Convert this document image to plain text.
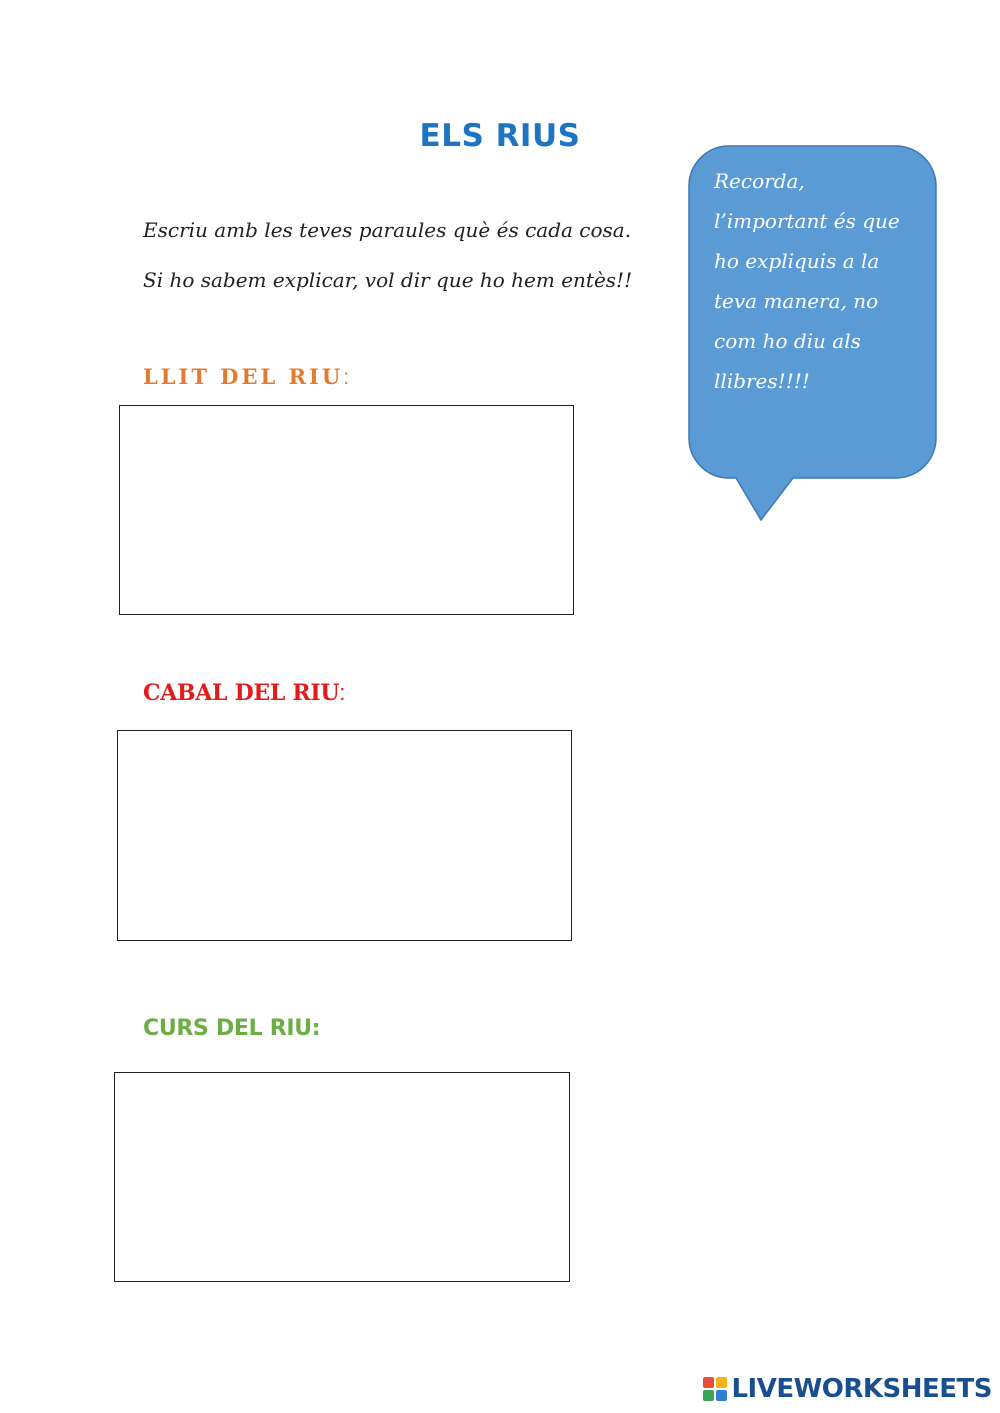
ELS RIUS
Escriu amb les teves paraules què és cada cosa.
Si ho sabem explicar, vol dir que ho hem entès!!
Recorda, l’important és que ho expliquis a la teva manera, no com ho diu als llibres!!!!
LLIT DEL RIU:
CABAL DEL RIU:
CURS DEL RIU:
LIVEWORKSHEETS
